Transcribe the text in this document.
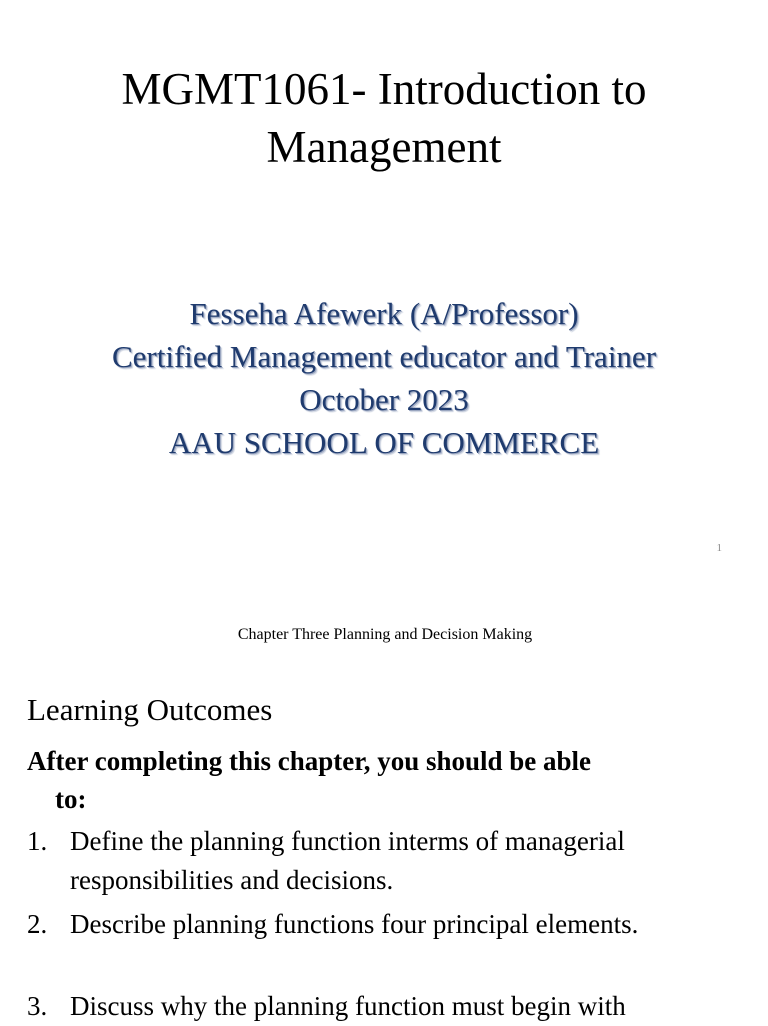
MGMT1061- Introduction to
Management
Fesseha Afewerk (A/Professor)
Certified Management educator and Trainer
October 2023
AAU SCHOOL OF COMMERCE
1
Chapter Three Planning and Decision Making
Learning Outcomes
After completing this chapter, you should be able
to:
1. Define the planning function interms of managerial
responsibilities and decisions.
2. Describe planning functions four principal elements.
3. Discuss why the planning function must begin with
